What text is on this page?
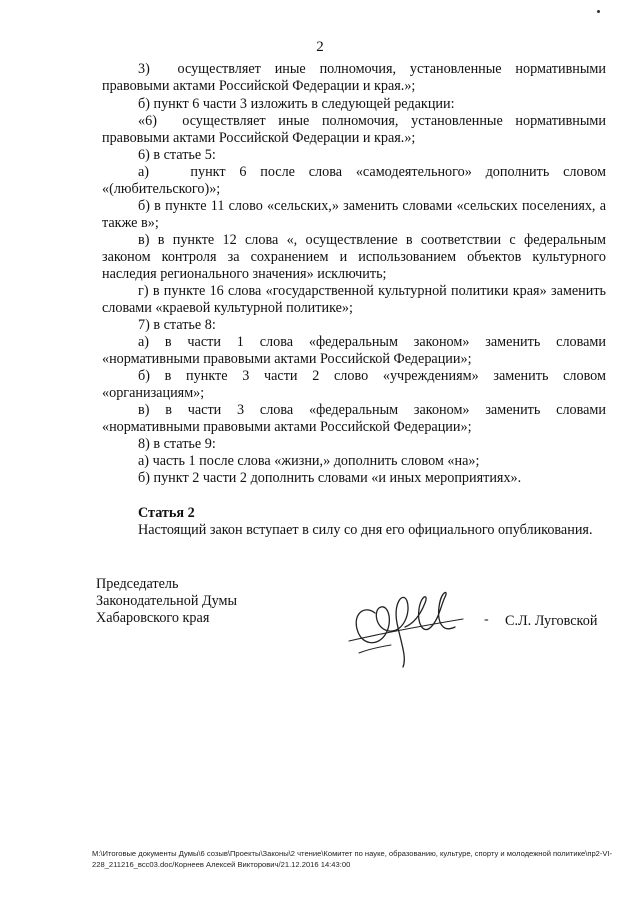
2
3)  осуществляет иные полномочия, установленные нормативными
правовыми актами Российской Федерации и края.»;
б) пункт 6 части 3 изложить в следующей редакции:
«6)  осуществляет иные полномочия, установленные нормативными
правовыми актами Российской Федерации и края.»;
6) в статье 5:
а)   пункт 6 после слова «самодеятельного» дополнить словом
«(любительского)»;
б) в пункте 11 слово «сельских,» заменить словами «сельских поселениях, а
также в»;
в) в пункте 12 слова «, осуществление в соответствии с федеральным
законом контроля за сохранением и использованием объектов культурного
наследия регионального значения» исключить;
г) в пункте 16 слова «государственной культурной политики края» заменить
словами «краевой культурной политике»;
7) в статье 8:
а) в части 1 слова «федеральным законом» заменить словами
«нормативными правовыми актами Российской Федерации»;
б) в пункте 3 части 2 слово «учреждениям» заменить словом
«организациям»;
в) в части 3 слова «федеральным законом» заменить словами
«нормативными правовыми актами Российской Федерации»;
8) в статье 9:
а) часть 1 после слова «жизни,» дополнить словом «на»;
б) пункт 2 части 2 дополнить словами «и иных мероприятиях».
Статья 2
Настоящий закон вступает в силу со дня его официального опубликования.
Председатель
Законодательной Думы
Хабаровского края	- С.Л. Луговской
M:\Итоговые документы Думы\6 созыв\Проекты\Законы\2 чтение\Комитет по науке, образованию, культуре, спорту и молодежной политике\пр2-VI-
228_211216_всс03.doc/Корнеев Алексей Викторович/21.12.2016 14:43:00
